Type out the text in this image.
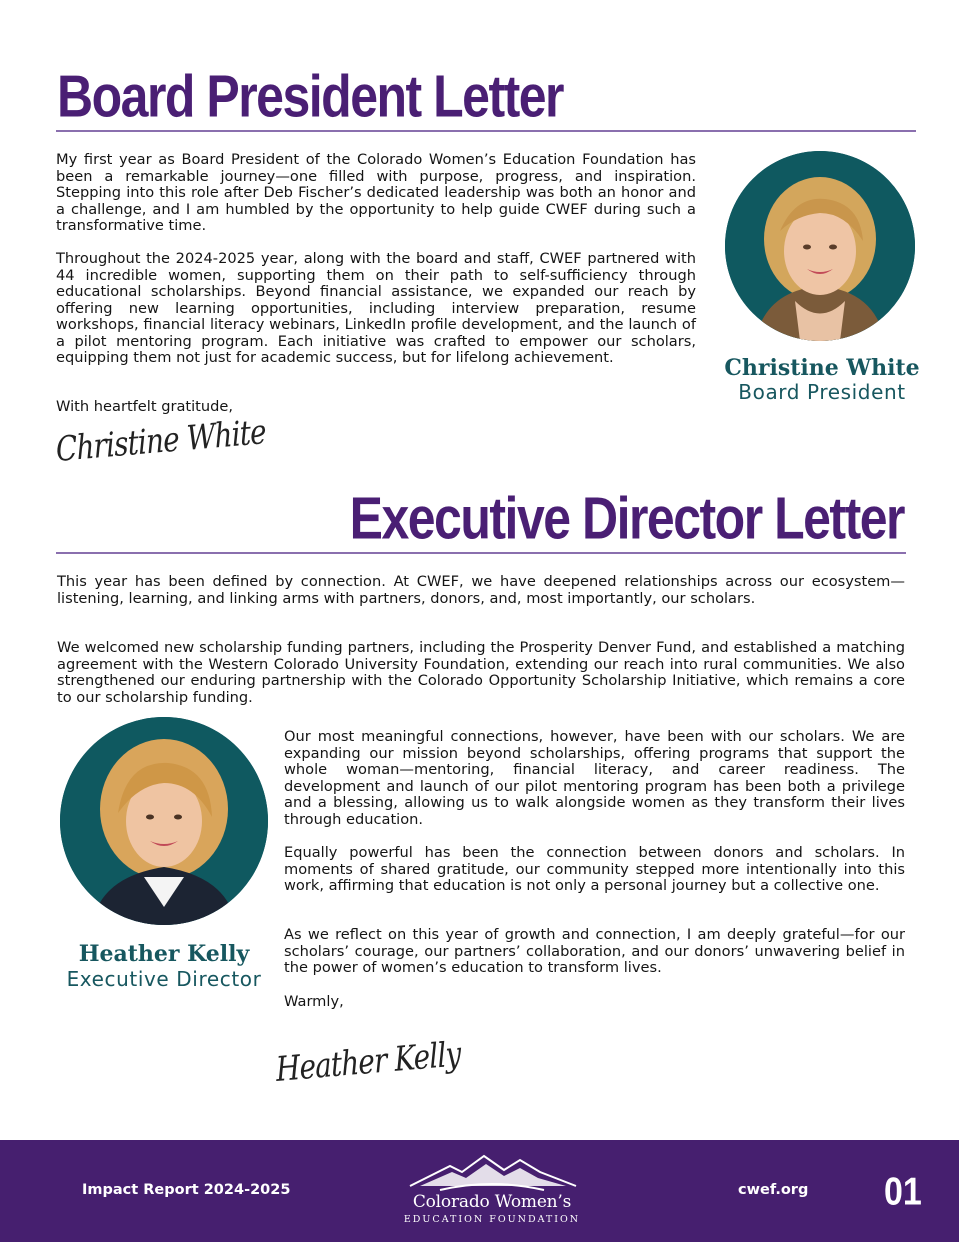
Board President Letter

My first year as Board President of the Colorado Women’s Education Foundation has been a remarkable journey—one filled with purpose, progress, and inspiration. Stepping into this role after Deb Fischer’s dedicated leadership was both an honor and a challenge, and I am humbled by the opportunity to help guide CWEF during such a transformative time.

Throughout the 2024-2025 year, along with the board and staff, CWEF partnered with 44 incredible women, supporting them on their path to self-sufficiency through educational scholarships. Beyond financial assistance, we expanded our reach by offering new learning opportunities, including interview preparation, resume workshops, financial literacy webinars, LinkedIn profile development, and the launch of a pilot mentoring program. Each initiative was crafted to empower our scholars, equipping them not just for academic success, but for lifelong achievement.	Christine White

Board President

With heartfelt gratitude,

Christine White

Executive Director Letter

This year has been defined by connection. At CWEF, we have deepened relationships across our ecosystem—listening, learning, and linking arms with partners, donors, and, most importantly, our scholars.

We welcomed new scholarship funding partners, including the Prosperity Denver Fund, and established a matching agreement with the Western Colorado University Foundation, extending our reach into rural communities. We also strengthened our enduring partnership with the Colorado Opportunity Scholarship Initiative, which remains a core to our scholarship funding.

Heather Kelly

Executive Director

Our most meaningful connections, however, have been with our scholars. We are expanding our mission beyond scholarships, offering programs that support the whole woman—mentoring, financial literacy, and career readiness. The development and launch of our pilot mentoring program has been both a privilege and a blessing, allowing us to walk alongside women as they transform their lives through education.

Equally powerful has been the connection between donors and scholars. In moments of shared gratitude, our community stepped more intentionally into this work, affirming that education is not only a personal journey but a collective one.

As we reflect on this year of growth and connection, I am deeply grateful—for our scholars’ courage, our partners’ collaboration, and our donors’ unwavering belief in the power of women’s education to transform lives.

Warmly,

Heather Kelly

Impact Report 2024-2025

Colorado Women’s

EDUCATION FOUNDATION

cwef.org 01
